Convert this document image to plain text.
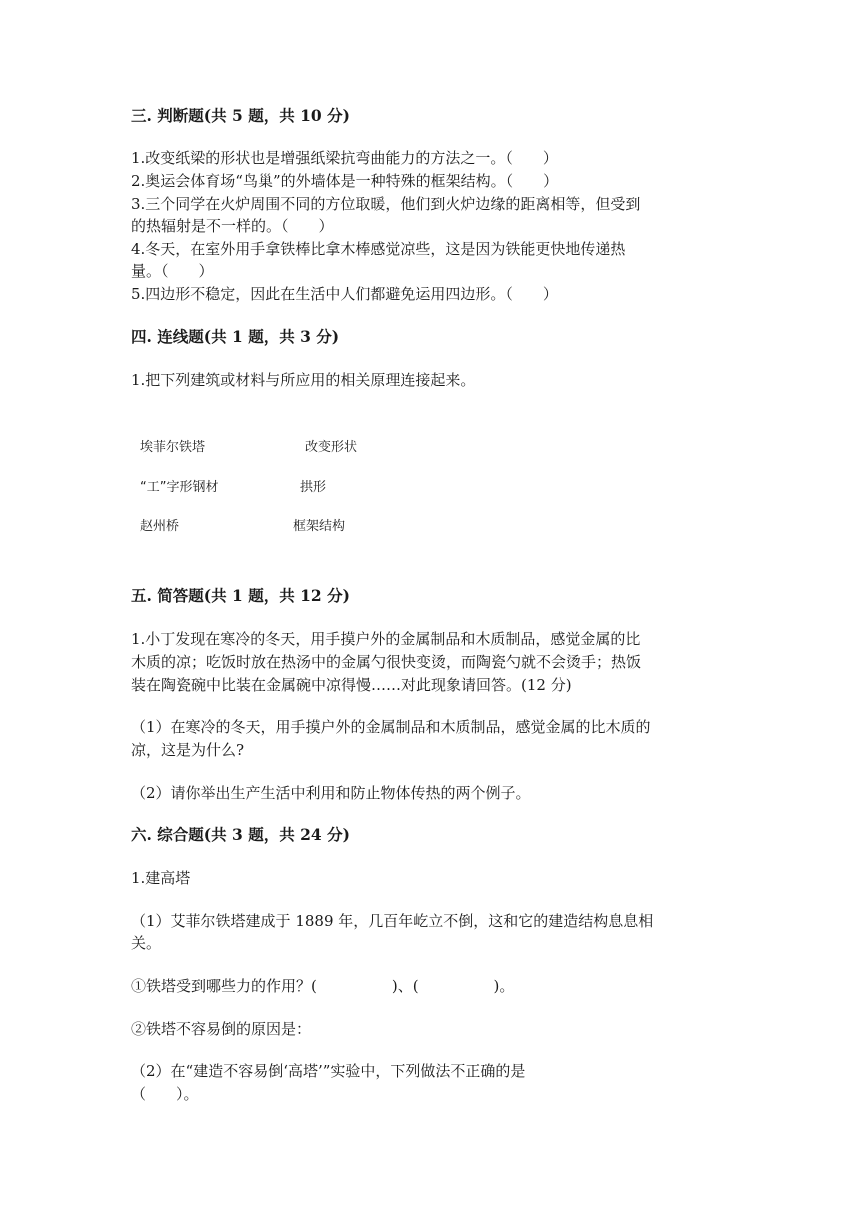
三. 判断题(共 5 题，共 10 分)
1.改变纸梁的形状也是增强纸梁抗弯曲能力的方法之一。（　　）
2.奥运会体育场“鸟巢”的外墙体是一种特殊的框架结构。（　　）
3.三个同学在火炉周围不同的方位取暖，他们到火炉边缘的距离相等，但受到
的热辐射是不一样的。（　　）
4.冬天，在室外用手拿铁棒比拿木棒感觉凉些，这是因为铁能更快地传递热
量。（　　）
5.四边形不稳定，因此在生活中人们都避免运用四边形。（　　）
四. 连线题(共 1 题，共 3 分)
1.把下列建筑或材料与所应用的相关原理连接起来。
埃菲尔铁塔
“工”字形钢材
赵州桥
改变形状
拱形
框架结构
五. 简答题(共 1 题，共 12 分)
1.小丁发现在寒冷的冬天，用手摸户外的金属制品和木质制品，感觉金属的比
木质的凉；吃饭时放在热汤中的金属勺很快变烫，而陶瓷勺就不会烫手；热饭
装在陶瓷碗中比装在金属碗中凉得慢……对此现象请回答。(12 分)
（1）在寒冷的冬天，用手摸户外的金属制品和木质制品，感觉金属的比木质的
凉，这是为什么?
（2）请你举出生产生活中利用和防止物体传热的两个例子。
六. 综合题(共 3 题，共 24 分)
1.建高塔
（1）艾菲尔铁塔建成于 1889 年，几百年屹立不倒，这和它的建造结构息息相
关。
①铁塔受到哪些力的作用？(　　　　　)、(　　　　　)。
②铁塔不容易倒的原因是：
（2）在“建造不容易倒‘高塔’”实验中，下列做法不正确的是
（　　）。
